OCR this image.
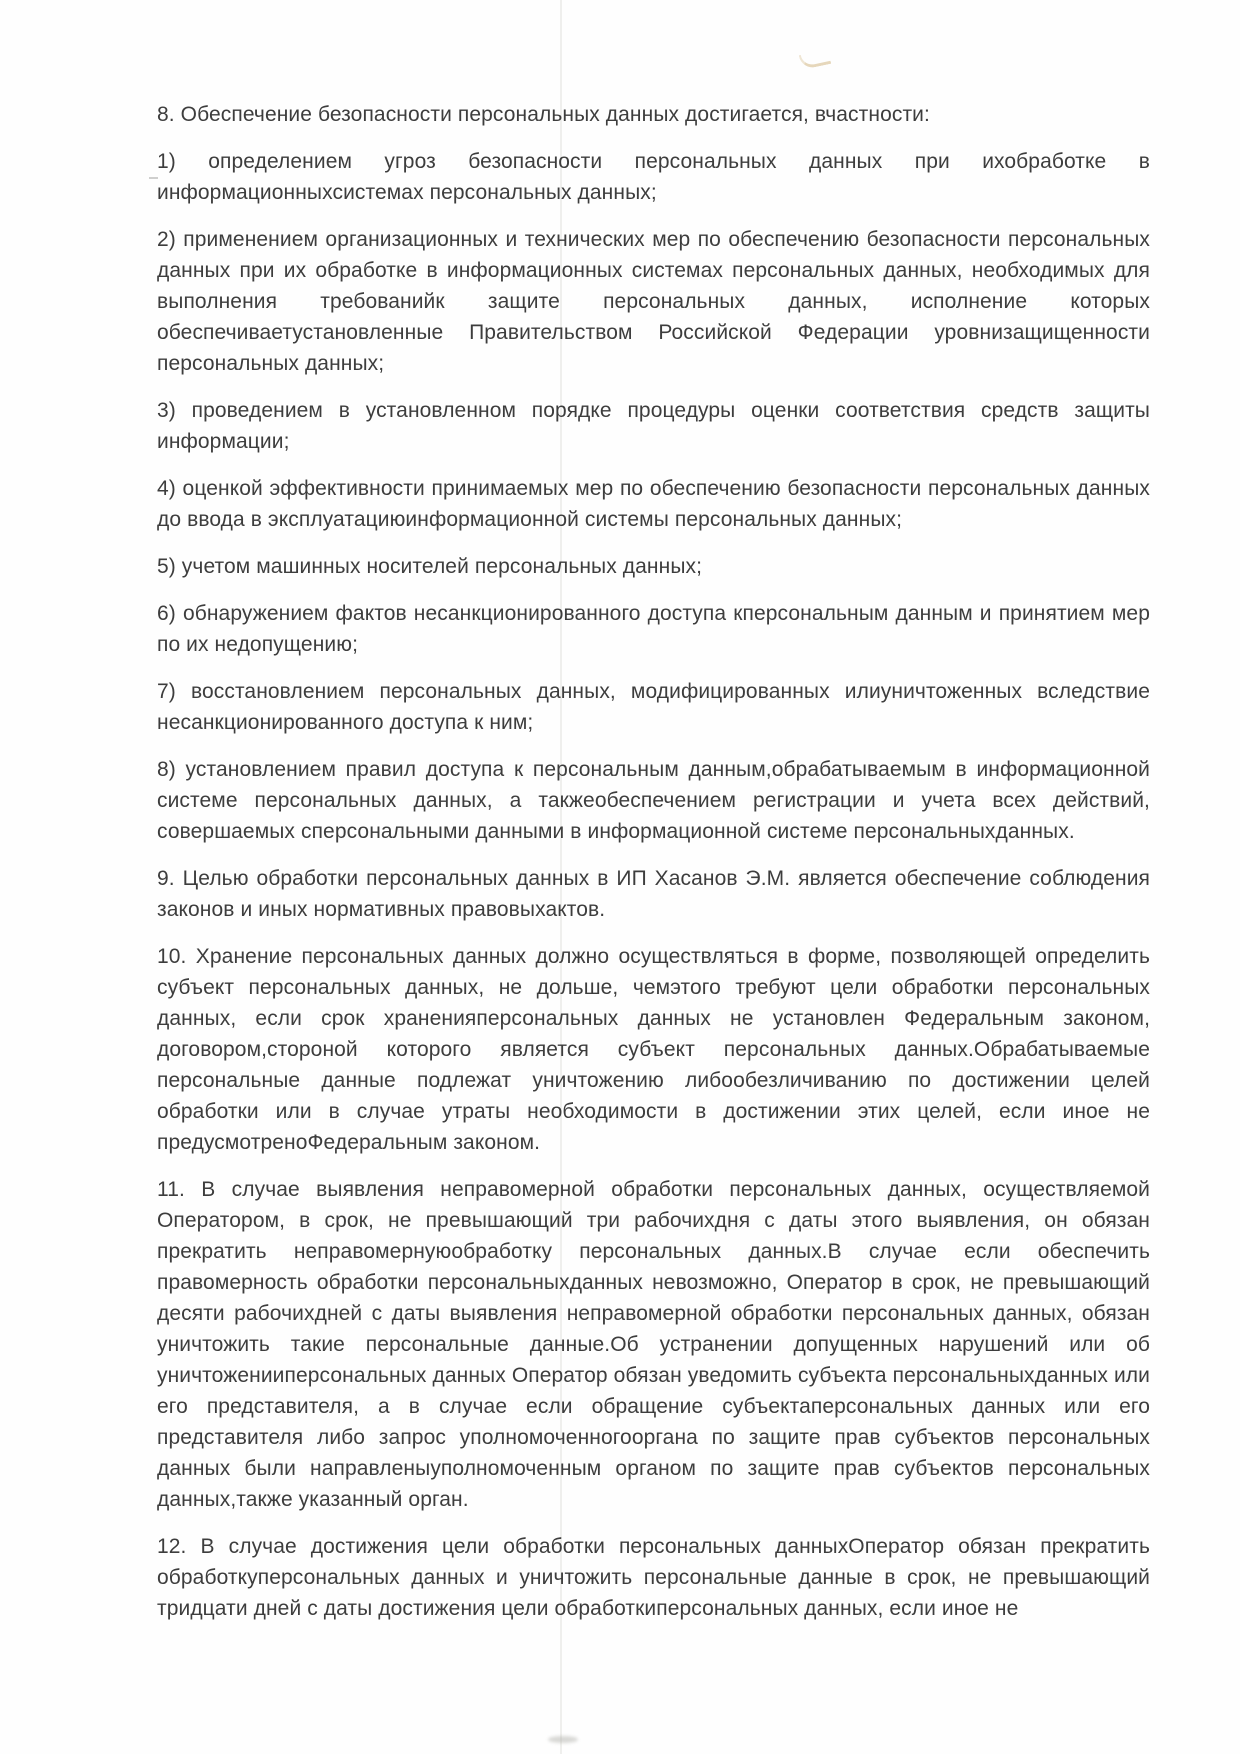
8. Обеспечение безопасности персональных данных достигается, вчастности:

1) определением угроз безопасности персональных данных при ихобработке в информационныхсистемах персональных данных;

2) применением организационных и технических мер по обеспечению безопасности персональных данных при их обработке в информационных системах персональных данных, необходимых для выполнения требованийк защите персональных данных, исполнение которых обеспечиваетустановленные Правительством Российской Федерации уровнизащищенности персональных данных;

3) проведением в установленном порядке процедуры оценки соответствия средств защиты информации;

4) оценкой эффективности принимаемых мер по обеспечению безопасности персональных данных до ввода в эксплуатациюинформационной системы персональных данных;

5) учетом машинных носителей персональных данных;

6) обнаружением фактов несанкционированного доступа кперсональным данным и принятием мер по их недопущению;

7) восстановлением персональных данных, модифицированных илиуничтоженных вследствие несанкционированного доступа к ним;

8) установлением правил доступа к персональным данным,обрабатываемым в информационной системе персональных данных, а такжеобеспечением регистрации и учета всех действий, совершаемых сперсональными данными в информационной системе персональныхданных.

9. Целью обработки персональных данных в ИП Хасанов Э.М. является обеспечение соблюдения законов и иных нормативных правовыхактов.

10. Хранение персональных данных должно осуществляться в форме, позволяющей определить субъект персональных данных, не дольше, чемэтого требуют цели обработки персональных данных, если срок храненияперсональных данных не установлен Федеральным законом, договором,стороной которого является субъект персональных данных.Обрабатываемые персональные данные подлежат уничтожению либообезличиванию по достижении целей обработки или в случае утраты необходимости в достижении этих целей, если иное не предусмотреноФедеральным законом.

11. В случае выявления неправомерной обработки персональных данных, осуществляемой Оператором, в срок, не превышающий три рабочихдня с даты этого выявления, он обязан прекратить неправомернуюобработку персональных данных.В случае если обеспечить правомерность обработки персональныхданных невозможно, Оператор в срок, не превышающий десяти рабочихдней с даты выявления неправомерной обработки персональных данных, обязан уничтожить такие персональные данные.Об устранении допущенных нарушений или об уничтоженииперсональных данных Оператор обязан уведомить субъекта персональныхданных или его представителя, а в случае если обращение субъектаперсональных данных или его представителя либо запрос уполномоченногооргана по защите прав субъектов персональных данных были направленыуполномоченным органом по защите прав субъектов персональных данных,также указанный орган.

12. В случае достижения цели обработки персональных данныхОператор обязан прекратить обработкуперсональных данных и уничтожить персональные данные в срок, не превышающий тридцати дней с даты достижения цели обработкиперсональных данных, если иное не
